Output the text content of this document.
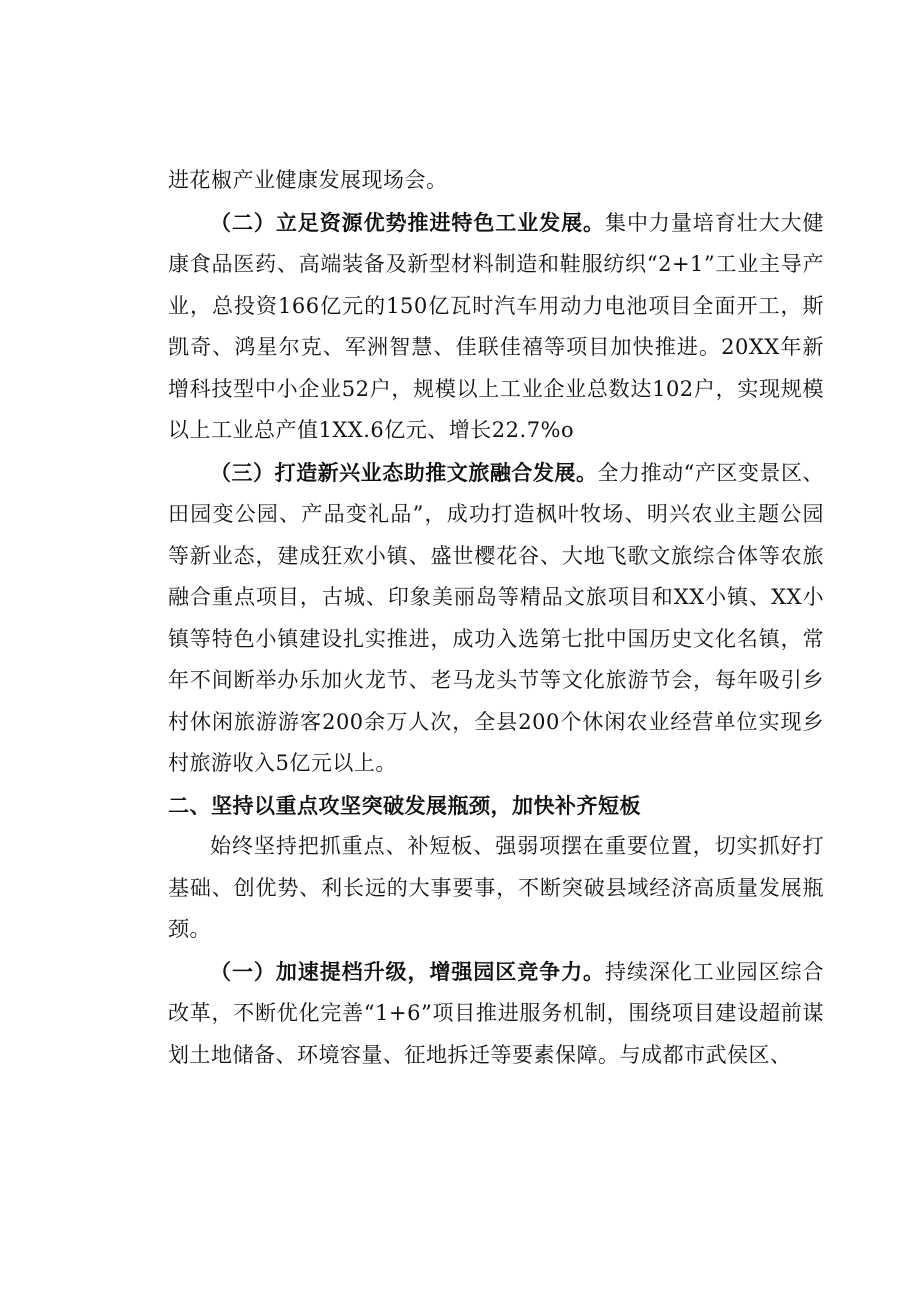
进花椒产业健康发展现场会。

（二）立足资源优势推进特色工业发展。集中力量培育壮大大健康食品医药、高端装备及新型材料制造和鞋服纺织“2+1”工业主导产业，总投资166亿元的150亿瓦时汽车用动力电池项目全面开工，斯凯奇、鸿星尔克、军洲智慧、佳联佳禧等项目加快推进。20XX年新增科技型中小企业52户，规模以上工业企业总数达102户，实现规模以上工业总产值1XX.6亿元、增长22.7%o

（三）打造新兴业态助推文旅融合发展。全力推动“产区变景区、田园变公园、产品变礼品”，成功打造枫叶牧场、明兴农业主题公园等新业态，建成狂欢小镇、盛世樱花谷、大地飞歌文旅综合体等农旅融合重点项目，古城、印象美丽岛等精品文旅项目和XX小镇、XX小镇等特色小镇建设扎实推进，成功入选第七批中国历史文化名镇，常年不间断举办乐加火龙节、老马龙头节等文化旅游节会，每年吸引乡村休闲旅游游客200余万人次，全县200个休闲农业经营单位实现乡村旅游收入5亿元以上。

二、坚持以重点攻坚突破发展瓶颈，加快补齐短板

始终坚持把抓重点、补短板、强弱项摆在重要位置，切实抓好打基础、创优势、利长远的大事要事，不断突破县域经济高质量发展瓶颈。

（一）加速提档升级，增强园区竞争力。持续深化工业园区综合改革，不断优化完善“1+6”项目推进服务机制，围绕项目建设超前谋划土地储备、环境容量、征地拆迁等要素保障。与成都市武侯区、
